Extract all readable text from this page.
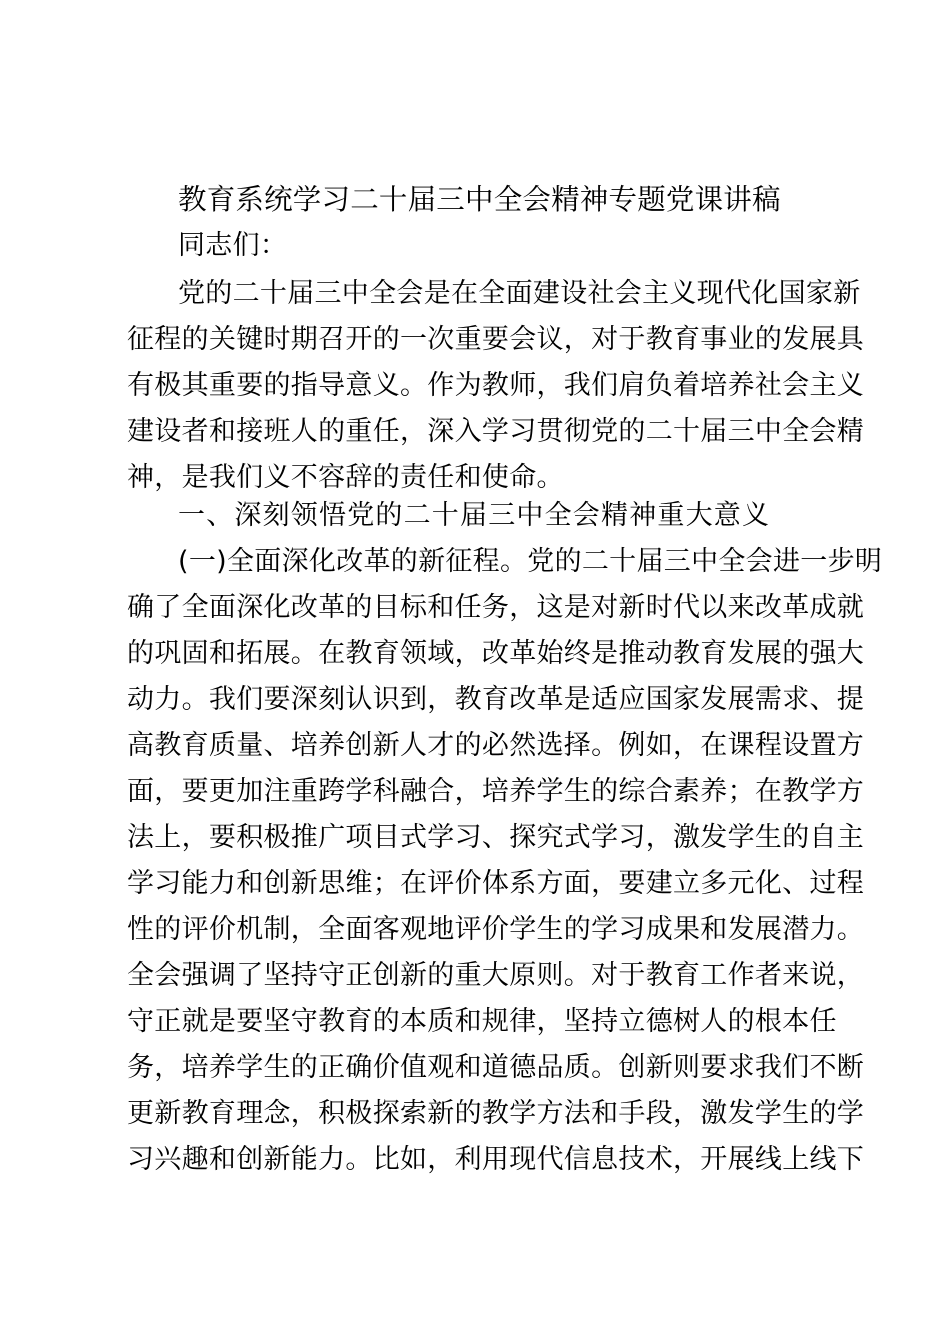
教育系统学习二十届三中全会精神专题党课讲稿
同志们：
党的二十届三中全会是在全面建设社会主义现代化国家新
征程的关键时期召开的一次重要会议，对于教育事业的发展具
有极其重要的指导意义。作为教师，我们肩负着培养社会主义
建设者和接班人的重任，深入学习贯彻党的二十届三中全会精
神，是我们义不容辞的责任和使命。
一、深刻领悟党的二十届三中全会精神重大意义
(一)全面深化改革的新征程。党的二十届三中全会进一步明
确了全面深化改革的目标和任务，这是对新时代以来改革成就
的巩固和拓展。在教育领域，改革始终是推动教育发展的强大
动力。我们要深刻认识到，教育改革是适应国家发展需求、提
高教育质量、培养创新人才的必然选择。例如，在课程设置方
面，要更加注重跨学科融合，培养学生的综合素养；在教学方
法上，要积极推广项目式学习、探究式学习，激发学生的自主
学习能力和创新思维；在评价体系方面，要建立多元化、过程
性的评价机制，全面客观地评价学生的学习成果和发展潜力。
全会强调了坚持守正创新的重大原则。对于教育工作者来说，
守正就是要坚守教育的本质和规律，坚持立德树人的根本任
务，培养学生的正确价值观和道德品质。创新则要求我们不断
更新教育理念，积极探索新的教学方法和手段，激发学生的学
习兴趣和创新能力。比如，利用现代信息技术，开展线上线下
